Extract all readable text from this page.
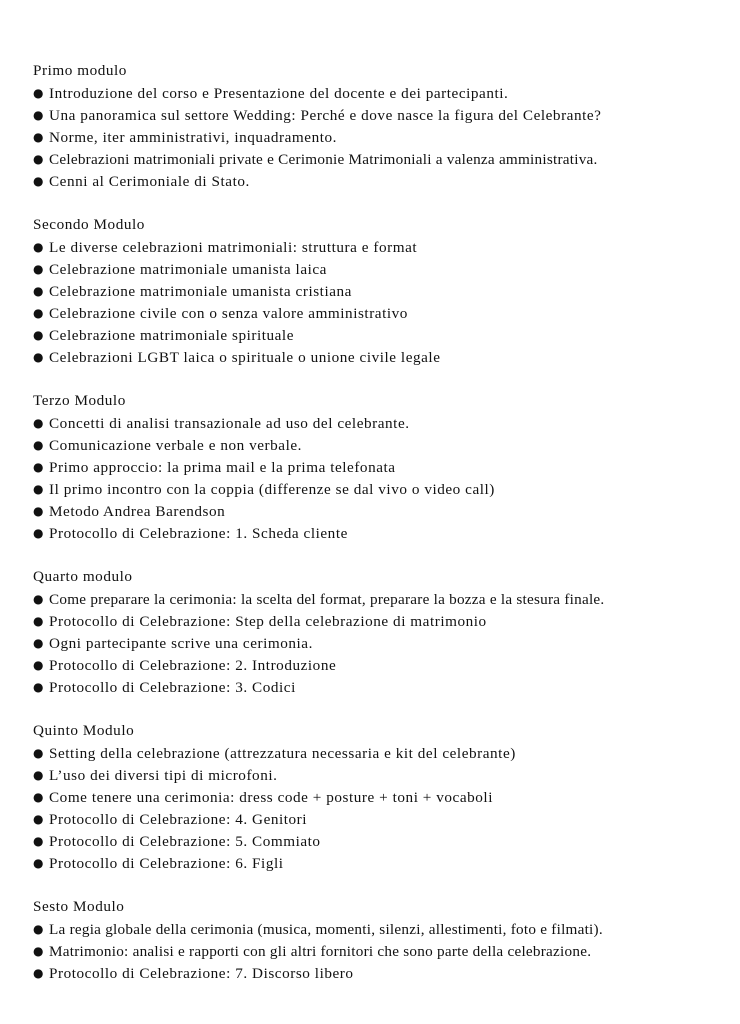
Primo modulo
● Introduzione del corso e Presentazione del docente e dei partecipanti.
● Una panoramica sul settore Wedding: Perché e dove nasce la figura del Celebrante?
● Norme, iter amministrativi, inquadramento.
● Celebrazioni matrimoniali private e Cerimonie Matrimoniali a valenza amministrativa.
● Cenni al Cerimoniale di Stato.
Secondo Modulo
● Le diverse celebrazioni matrimoniali: struttura e format
● Celebrazione matrimoniale umanista laica
● Celebrazione matrimoniale umanista cristiana
● Celebrazione civile con o senza valore amministrativo
● Celebrazione matrimoniale spirituale
● Celebrazioni LGBT laica o spirituale o unione civile legale
Terzo Modulo
● Concetti di analisi transazionale ad uso del celebrante.
● Comunicazione verbale e non verbale.
● Primo approccio: la prima mail e la prima telefonata
● Il primo incontro con la coppia (differenze se dal vivo o video call)
● Metodo Andrea Barendson
● Protocollo di Celebrazione: 1. Scheda cliente
Quarto modulo
● Come preparare la cerimonia: la scelta del format, preparare la bozza e la stesura finale.
● Protocollo di Celebrazione: Step della celebrazione di matrimonio
● Ogni partecipante scrive una cerimonia.
● Protocollo di Celebrazione: 2. Introduzione
● Protocollo di Celebrazione: 3. Codici
Quinto Modulo
● Setting della celebrazione (attrezzatura necessaria e kit del celebrante)
● L’uso dei diversi tipi di microfoni.
● Come tenere una cerimonia: dress code + posture + toni + vocaboli
● Protocollo di Celebrazione: 4. Genitori
● Protocollo di Celebrazione: 5. Commiato
● Protocollo di Celebrazione: 6. Figli
Sesto Modulo
● La regia globale della cerimonia (musica, momenti, silenzi, allestimenti, foto e filmati).
● Matrimonio: analisi e rapporti con gli altri fornitori che sono parte della celebrazione.
● Protocollo di Celebrazione: 7. Discorso libero
